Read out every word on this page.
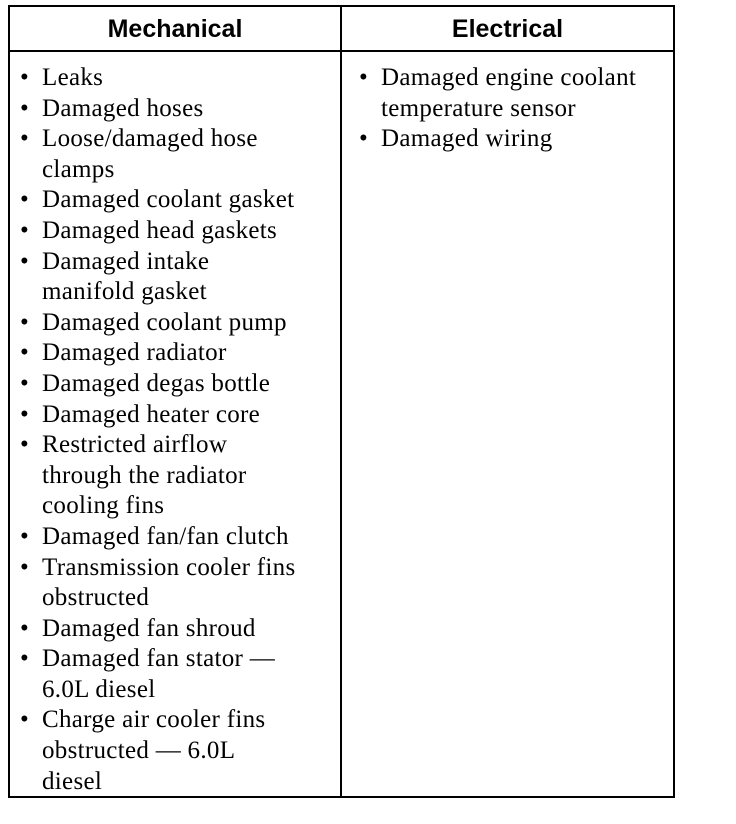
Mechanical	Electrical
• Leaks
• Damaged hoses
• Loose/damaged hose
clamps
• Damaged coolant gasket
• Damaged head gaskets
• Damaged intake
manifold gasket
• Damaged coolant pump
• Damaged radiator
• Damaged degas bottle
• Damaged heater core
• Restricted airflow
through the radiator
cooling fins
• Damaged fan/fan clutch
• Transmission cooler fins
obstructed
• Damaged fan shroud
• Damaged fan stator —
6.0L diesel
• Charge air cooler fins
obstructed — 6.0L
diesel
• Damaged engine coolant
temperature sensor
• Damaged wiring
